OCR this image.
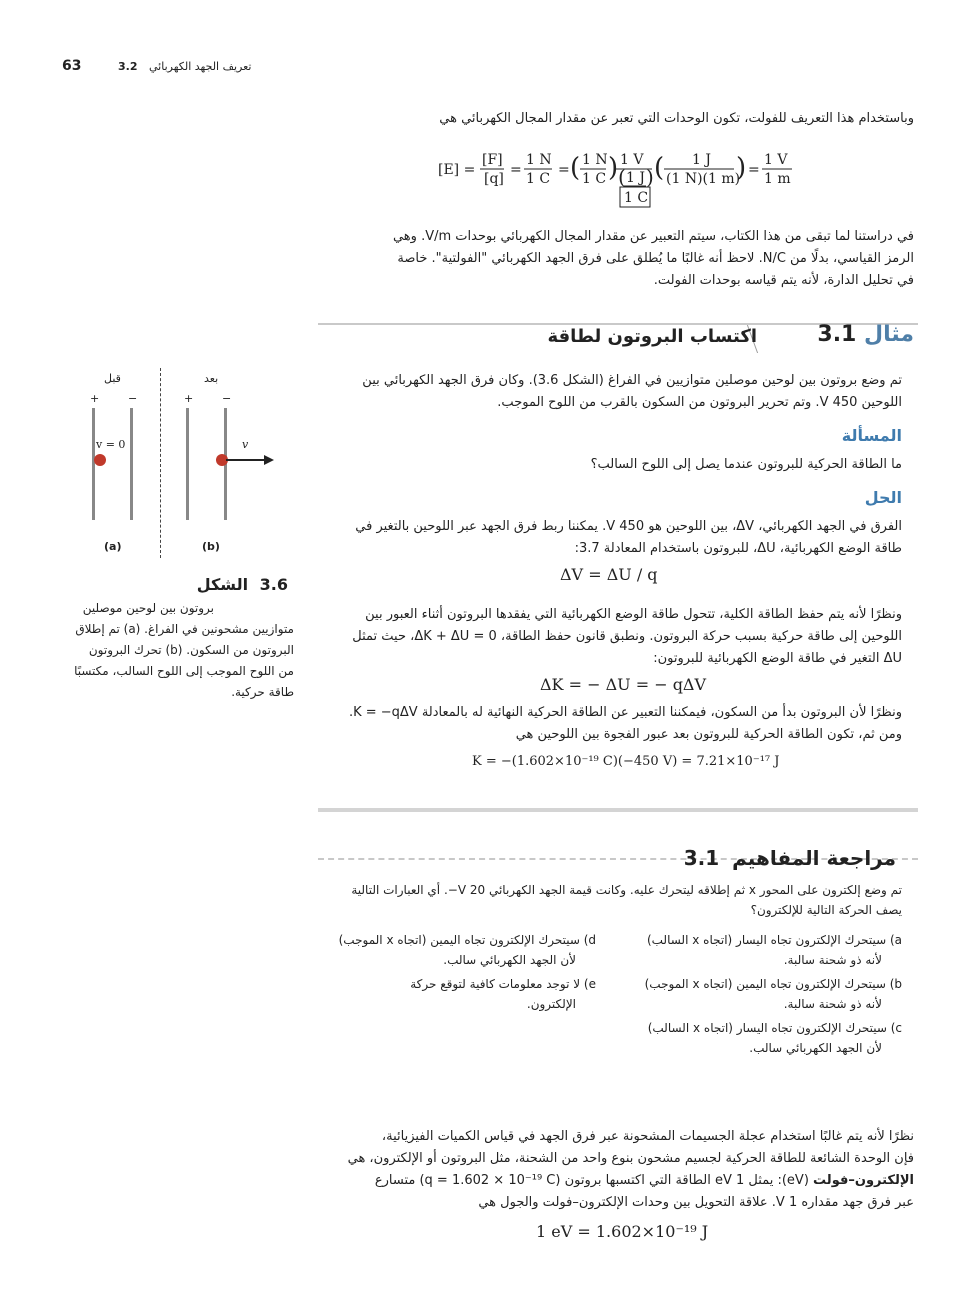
63	3.2 تعريف الجهد الكهربائي
وباستخدام هذا التعريف للفولت، تكون الوحدات التي تعبر عن مقدار المجال الكهربائي هي
[E] =
[F]
[q]
=
1 N
1 C
= ( 1 N
1 C ) 1 V
( 1 J
1 C
) ( 1 J
(1 N)(1 m)
) =
1 V
1 m
في دراستنا لما تبقى من هذا الكتاب، سيتم التعبير عن مقدار المجال الكهربائي بوحدات V/m. وهي
الرمز القياسي، بدلًا من N/C. لاحظ أنه غالبًا ما يُطلق على فرق الجهد الكهربائي "الفولتية". خاصة
في تحليل الدارة، لأنه يتم قياسه بوحدات الفولت.
3.1 مثال
اكتساب البروتون لطاقة
تم وضع بروتون بين لوحين موصلين متوازيين في الفراغ (الشكل 3.6). وكان فرق الجهد الكهربائي بين
اللوحين V 450. وتم تحرير البروتون من السكون بالقرب من اللوح الموجب.
المسألة
ما الطاقة الحركية للبروتون عندما يصل إلى اللوح السالب؟
الحل
الفرق في الجهد الكهربائي، ΔV، بين اللوحين هو V 450. يمكننا ربط فرق الجهد عبر اللوحين بالتغير في
طاقة الوضع الكهربائية، ΔU، للبروتون باستخدام المعادلة 3.7:
ΔV = ΔU / q
ونظرًا لأنه يتم حفظ الطاقة الكلية، تتحول طاقة الوضع الكهربائية التي يفقدها البروتون أثناء العبور بين
اللوحين إلى طاقة حركية بسبب حركة البروتون. ونطبق قانون حفظ الطاقة، ΔK + ΔU = 0، حيث تمثل
ΔU التغير في طاقة الوضع الكهربائية للبروتون:
ΔK = − ΔU = − qΔV
ونظرًا لأن البروتون بدأ من السكون، فيمكننا التعبير عن الطاقة الحركية النهائية له بالمعادلة K = −qΔV.
ومن ثم، تكون الطاقة الحركية للبروتون بعد عبور الفجوة بين اللوحين هي
K = −(1.602×10⁻¹⁹ C)(−450 V) = 7.21×10⁻¹⁷ J
قبل	بعد
+	−
v = 0
(a)
+	−
v
(b)
3.6 الشكل
بروتون بين لوحين موصلين
متوازيين مشحونين في الفراغ. (a) تم إطلاق
البروتون من السكون. (b) تحرك البروتون
من اللوح الموجب إلى اللوح السالب، مكتسبًا
طاقة حركية.
مراجعة المفاهيم 3.1
تم وضع إلكترون على المحور x ثم إطلاقه ليتحرك عليه. وكانت قيمة الجهد الكهربائي V 20−. أي العبارات التالية
يصف الحركة التالية للإلكترون؟
a) سيتحرك الإلكترون تجاه اليسار (اتجاه x السالب)
لأنه ذو شحنة سالبة.
b) سيتحرك الإلكترون تجاه اليمين (اتجاه x الموجب)
لأنه ذو شحنة سالبة.
c) سيتحرك الإلكترون تجاه اليسار (اتجاه x السالب)
لأن الجهد الكهربائي سالب.
d) سيتحرك الإلكترون تجاه اليمين (اتجاه x الموجب)
لأن الجهد الكهربائي سالب.
e) لا توجد معلومات كافية لتوقع حركة
الإلكترون.
نظرًا لأنه يتم غالبًا استخدام عجلة الجسيمات المشحونة عبر فرق الجهد في قياس الكميات الفيزيائية،
فإن الوحدة الشائعة للطاقة الحركية لجسيم مشحون بنوع واحد من الشحنة، مثل البروتون أو الإلكترون، هي
الإلكترون–فولت (eV): يمثل 1 eV الطاقة التي اكتسبها بروتون (q = 1.602 × 10⁻¹⁹ C) متسارع
عبر فرق جهد مقداره V 1. علاقة التحويل بين وحدات الإلكترون–فولت والجول هي
1 eV = 1.602×10⁻¹⁹ J
